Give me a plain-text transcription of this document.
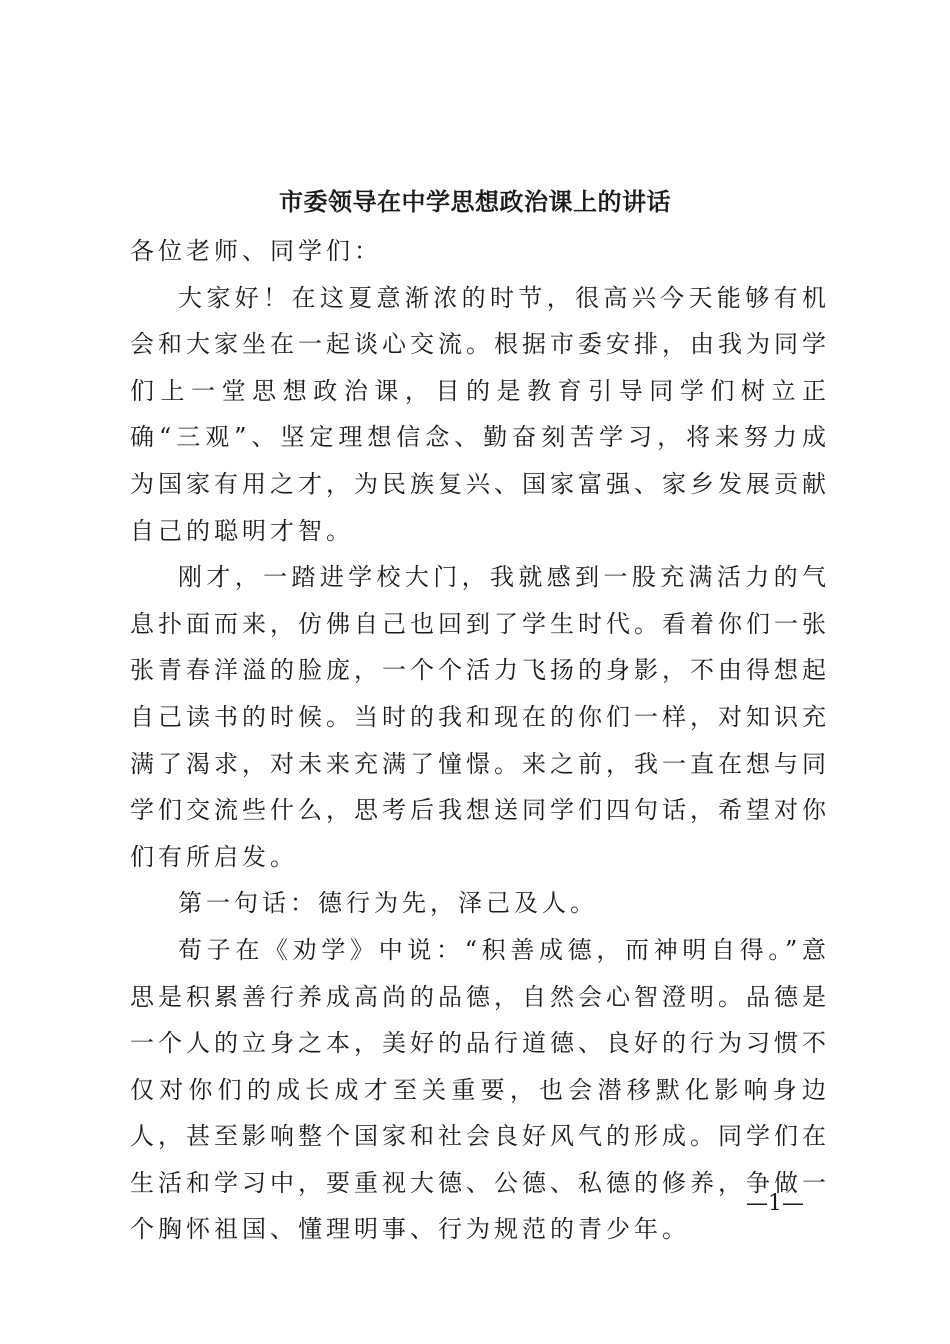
市委领导在中学思想政治课上的讲话

各位老师、同学们：

大家好！在这夏意渐浓的时节，很高兴今天能够有机会和大家坐在一起谈心交流。根据市委安排，由我为同学们上一堂思想政治课，目的是教育引导同学们树立正确“三观”、坚定理想信念、勤奋刻苦学习，将来努力成为国家有用之才，为民族复兴、国家富强、家乡发展贡献自己的聪明才智。

刚才，一踏进学校大门，我就感到一股充满活力的气息扑面而来，仿佛自己也回到了学生时代。看着你们一张张青春洋溢的脸庞，一个个活力飞扬的身影，不由得想起自己读书的时候。当时的我和现在的你们一样，对知识充满了渴求，对未来充满了憧憬。来之前，我一直在想与同学们交流些什么，思考后我想送同学们四句话，希望对你们有所启发。

第一句话：德行为先，泽己及人。

荀子在《劝学》中说：“积善成德，而神明自得。”意思是积累善行养成高尚的品德，自然会心智澄明。品德是一个人的立身之本，美好的品行道德、良好的行为习惯不仅对你们的成长成才至关重要，也会潜移默化影响身边人，甚至影响整个国家和社会良好风气的形成。同学们在生活和学习中，要重视大德、公德、私德的修养，争做一个胸怀祖国、懂理明事、行为规范的青少年。

—1—
